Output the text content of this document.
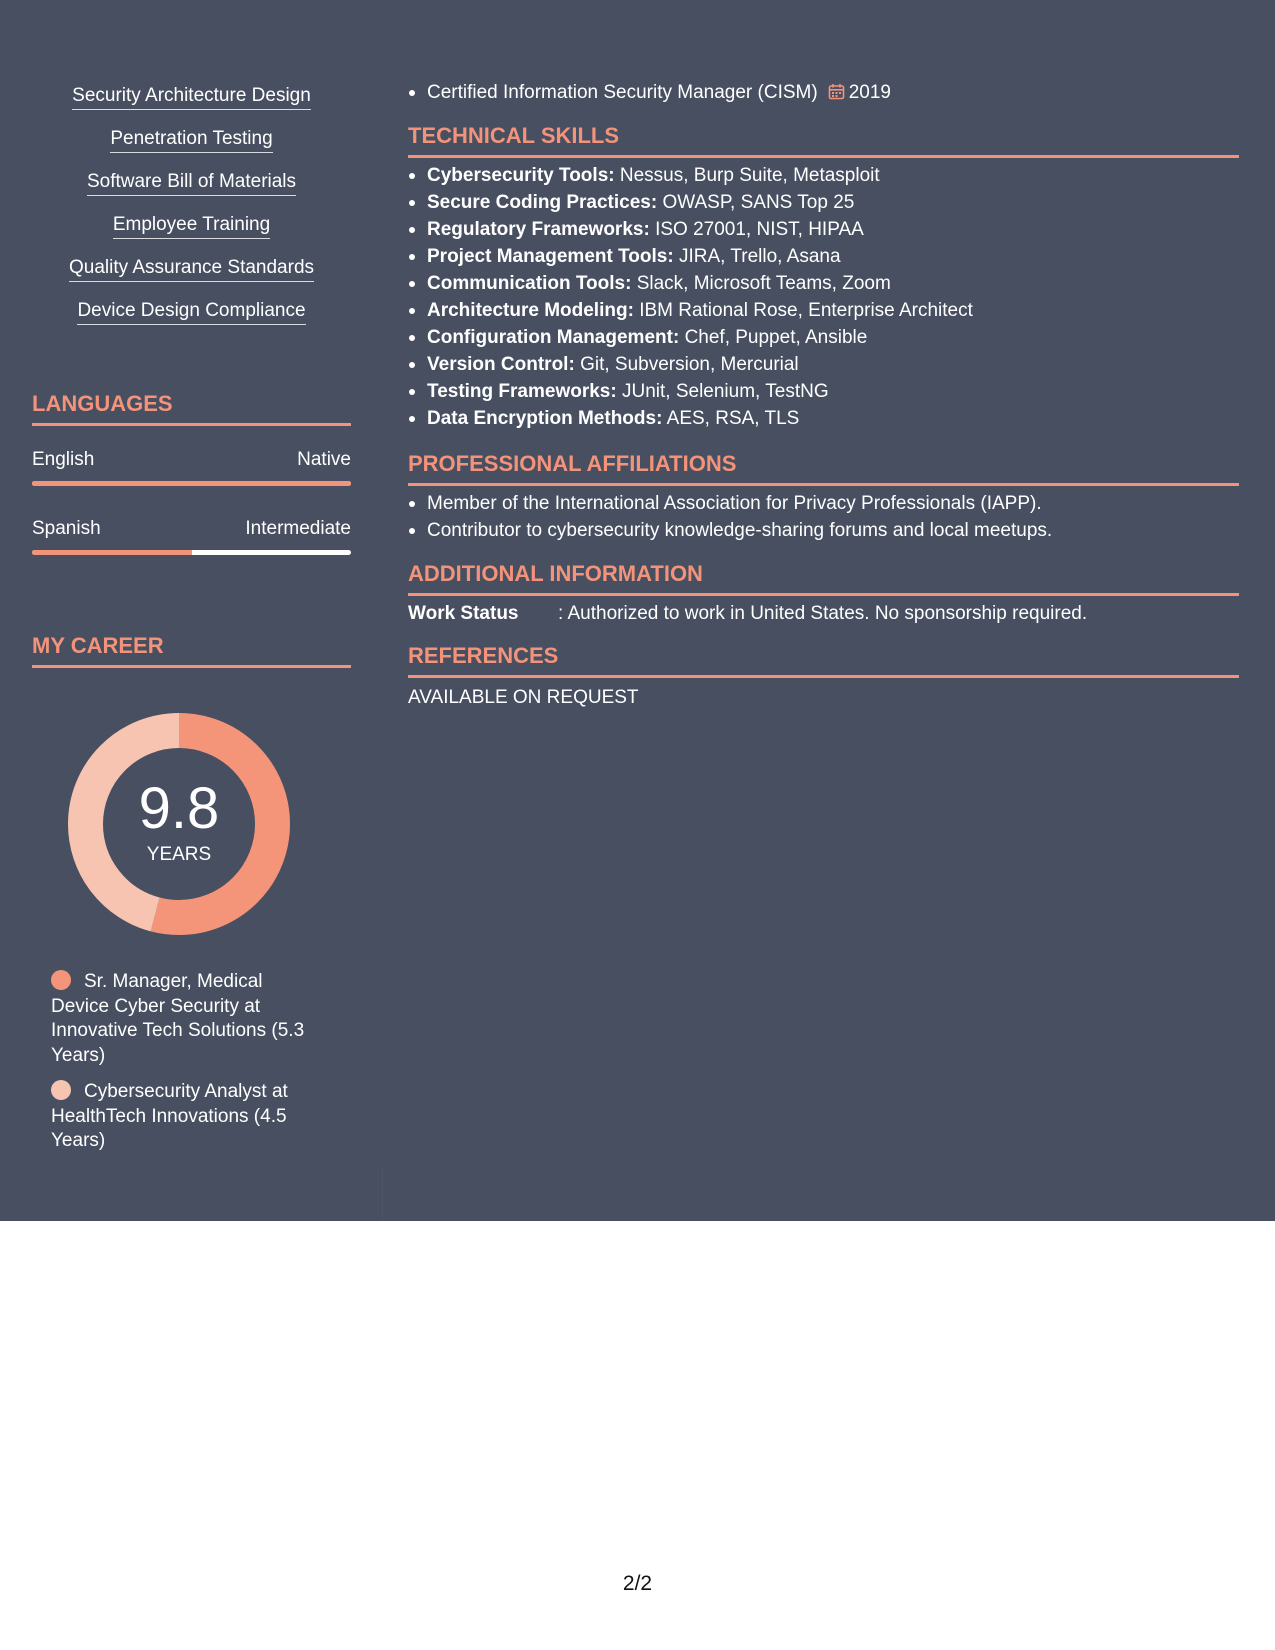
Security Architecture Design
Penetration Testing
Software Bill of Materials
Employee Training
Quality Assurance Standards
Device Design Compliance
LANGUAGES
English	Native
Spanish	Intermediate
MY CAREER
9.8
YEARS
Sr. Manager, Medical Device Cyber Security at Innovative Tech Solutions (5.3 Years)
Cybersecurity Analyst at HealthTech Innovations (4.5 Years)
Certified Information Security Manager (CISM) 2019
TECHNICAL SKILLS
Cybersecurity Tools: Nessus, Burp Suite, Metasploit
Secure Coding Practices: OWASP, SANS Top 25
Regulatory Frameworks: ISO 27001, NIST, HIPAA
Project Management Tools: JIRA, Trello, Asana
Communication Tools: Slack, Microsoft Teams, Zoom
Architecture Modeling: IBM Rational Rose, Enterprise Architect
Configuration Management: Chef, Puppet, Ansible
Version Control: Git, Subversion, Mercurial
Testing Frameworks: JUnit, Selenium, TestNG
Data Encryption Methods: AES, RSA, TLS
PROFESSIONAL AFFILIATIONS
Member of the International Association for Privacy Professionals (IAPP).
Contributor to cybersecurity knowledge-sharing forums and local meetups.
ADDITIONAL INFORMATION
Work Status	: Authorized to work in United States. No sponsorship required.
REFERENCES
AVAILABLE ON REQUEST
2/2
